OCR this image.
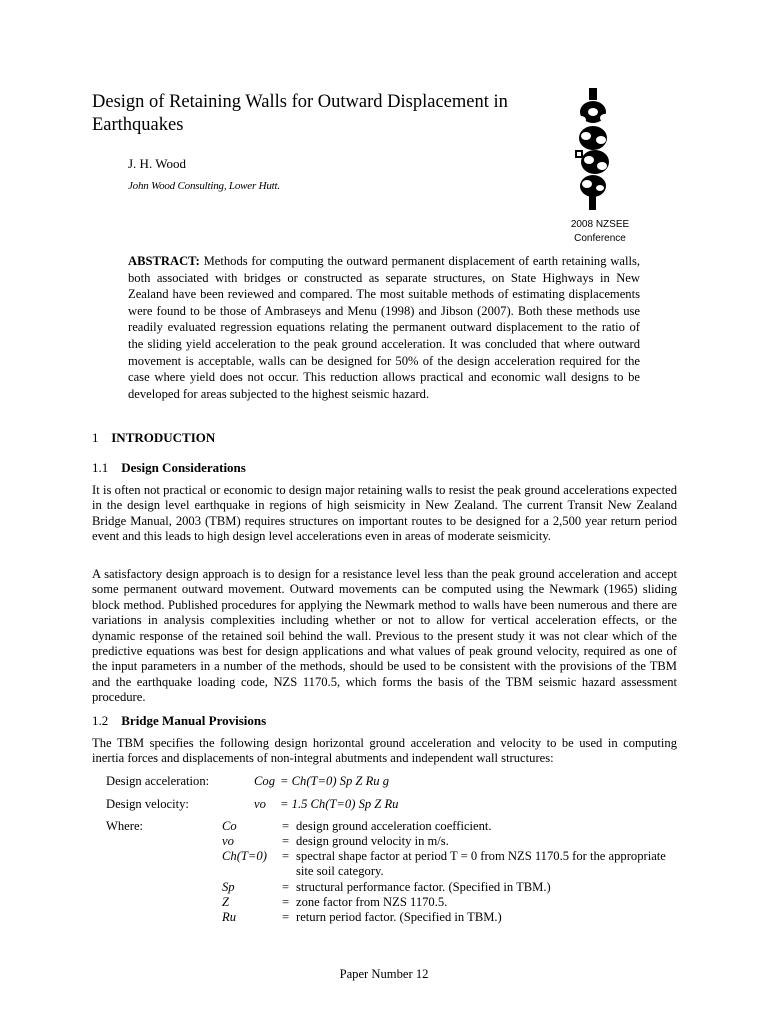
Design of Retaining Walls for Outward Displacement in Earthquakes
J. H. Wood
John Wood Consulting, Lower Hutt.
2008 NZSEE
Conference
ABSTRACT: Methods for computing the outward permanent displacement of earth retaining walls, both associated with bridges or constructed as separate structures, on State Highways in New Zealand have been reviewed and compared. The most suitable methods of estimating displacements were found to be those of Ambraseys and Menu (1998) and Jibson (2007). Both these methods use readily evaluated regression equations relating the permanent outward displacement to the ratio of the sliding yield acceleration to the peak ground acceleration. It was concluded that where outward movement is acceptable, walls can be designed for 50% of the design acceleration required for the case where yield does not occur. This reduction allows practical and economic wall designs to be developed for areas subjected to the highest seismic hazard.
1 INTRODUCTION
1.1 Design Considerations
It is often not practical or economic to design major retaining walls to resist the peak ground accelerations expected in the design level earthquake in regions of high seismicity in New Zealand. The current Transit New Zealand Bridge Manual, 2003 (TBM) requires structures on important routes to be designed for a 2,500 year return period event and this leads to high design level accelerations even in areas of moderate seismicity.
A satisfactory design approach is to design for a resistance level less than the peak ground acceleration and accept some permanent outward movement. Outward movements can be computed using the Newmark (1965) sliding block method. Published procedures for applying the Newmark method to walls have been numerous and there are variations in analysis complexities including whether or not to allow for vertical acceleration effects, or the dynamic response of the retained soil behind the wall. Previous to the present study it was not clear which of the predictive equations was best for design applications and what values of peak ground velocity, required as one of the input parameters in a number of the methods, should be used to be consistent with the provisions of the TBM and the earthquake loading code, NZS 1170.5, which forms the basis of the TBM seismic hazard assessment procedure.
1.2 Bridge Manual Provisions
The TBM specifies the following design horizontal ground acceleration and velocity to be used in computing inertia forces and displacements of non-integral abutments and independent wall structures:
Design acceleration:	Cog = Ch(T=0) Sp Z Ru g
Design velocity:	vo = 1.5 Ch(T=0) Sp Z Ru
Where:	Co	= design ground acceleration coefficient.
vo	= design ground velocity in m/s.
Ch(T=0) = spectral shape factor at period T = 0 from NZS 1170.5 for the appropriate site soil category.
Sp	= structural performance factor. (Specified in TBM.)
Z	= zone factor from NZS 1170.5.
Ru	= return period factor. (Specified in TBM.)
Paper Number 12
